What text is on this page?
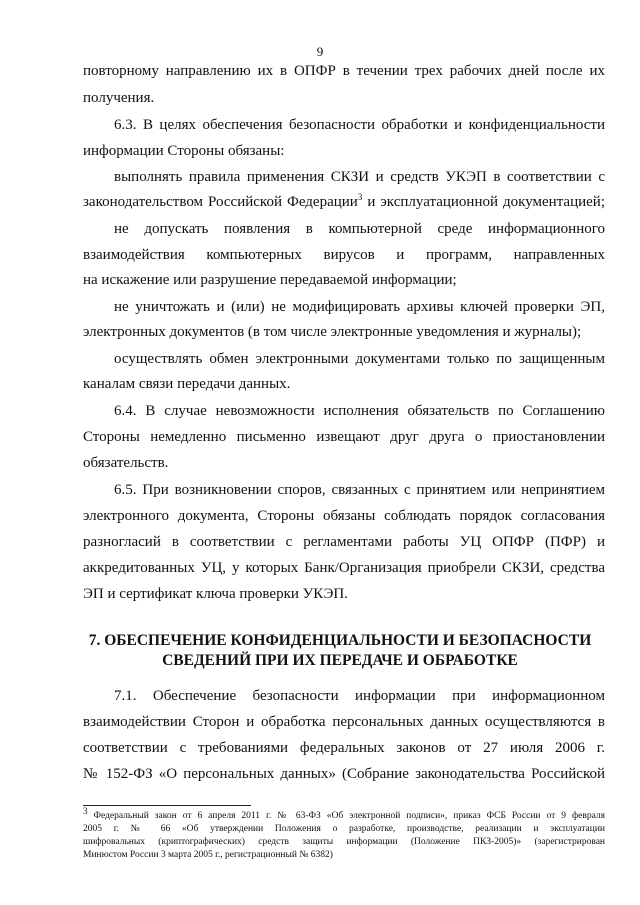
9
повторному направлению их в ОПФР в течении трех рабочих дней после их
получения.
6.3. В целях обеспечения безопасности обработки и конфиденциальности
информации Стороны обязаны:
выполнять правила применения СКЗИ и средств УКЭП в соответствии с
законодательством Российской Федерации$^3$ и эксплуатационной документацией;
не допускать появления в компьютерной среде информационного
взаимодействия компьютерных вирусов и программ, направленных
на искажение или разрушение передаваемой информации;
не уничтожать и (или) не модифицировать архивы ключей проверки ЭП,
электронных документов (в том числе электронные уведомления и журналы);
осуществлять обмен электронными документами только по защищенным
каналам связи передачи данных.
6.4. В случае невозможности исполнения обязательств по Соглашению
Стороны немедленно письменно извещают друг друга о приостановлении
обязательств.
6.5. При возникновении споров, связанных с принятием или непринятием
электронного документа, Стороны обязаны соблюдать порядок согласования
разногласий в соответствии с регламентами работы УЦ ОПФР (ПФР) и
аккредитованных УЦ, у которых Банк/Организация приобрели СКЗИ, средства
ЭП и сертификат ключа проверки УКЭП.
7. ОБЕСПЕЧЕНИЕ КОНФИДЕНЦИАЛЬНОСТИ И БЕЗОПАСНОСТИ
СВЕДЕНИЙ ПРИ ИХ ПЕРЕДАЧЕ И ОБРАБОТКЕ
7.1. Обеспечение безопасности информации при информационном
взаимодействии Сторон и обработка персональных данных осуществляются в
соответствии с требованиями федеральных законов от 27 июля 2006 г.
№ 152-ФЗ «О персональных данных» (Собрание законодательства Российской
$^3$ Федеральный закон от 6 апреля 2011 г. № 63-ФЗ «Об электронной подписи», приказ ФСБ России от 9 февраля
2005 г. № 66 «Об утверждении Положения о разработке, производстве, реализации и эксплуатации
шифровальных (криптографических) средств защиты информации (Положение ПКЗ-2005)» (зарегистрирован
Минюстом России 3 марта 2005 г., регистрационный № 6382)
